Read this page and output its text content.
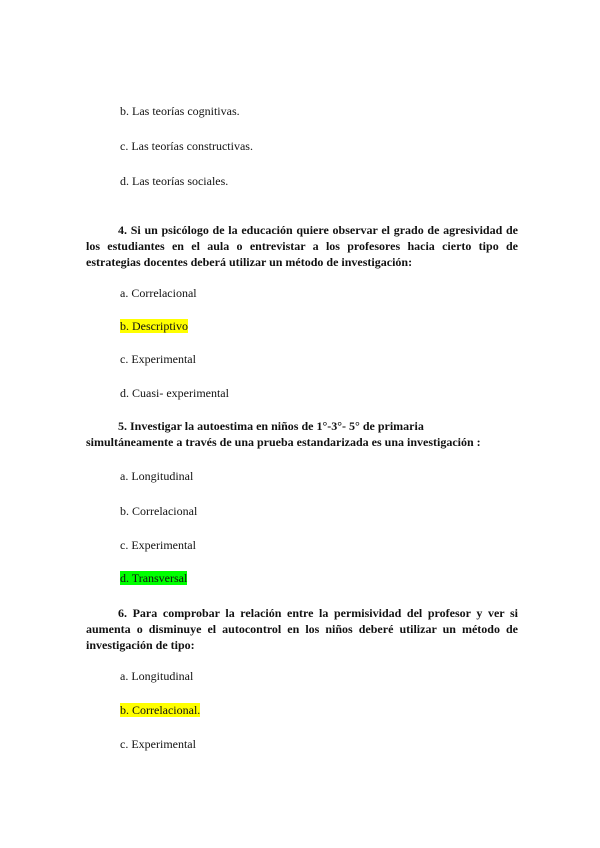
b. Las teorías cognitivas.
c. Las teorías constructivas.
d. Las teorías sociales.
4. Si un psicólogo de la educación quiere observar el grado de agresividad de los estudiantes en el aula o entrevistar a los profesores hacia cierto tipo de estrategias docentes deberá utilizar un método de investigación:
a. Correlacional
b. Descriptivo
c. Experimental
d. Cuasi- experimental
5. Investigar la autoestima en niños de 1°-3°- 5° de primaria
simultáneamente a través de una prueba estandarizada es una investigación :
a. Longitudinal
b. Correlacional
c. Experimental
d. Transversal
6. Para comprobar la relación entre la permisividad del profesor y ver si aumenta o disminuye el autocontrol en los niños deberé utilizar un método de investigación de tipo:
a. Longitudinal
b. Correlacional.
c. Experimental
